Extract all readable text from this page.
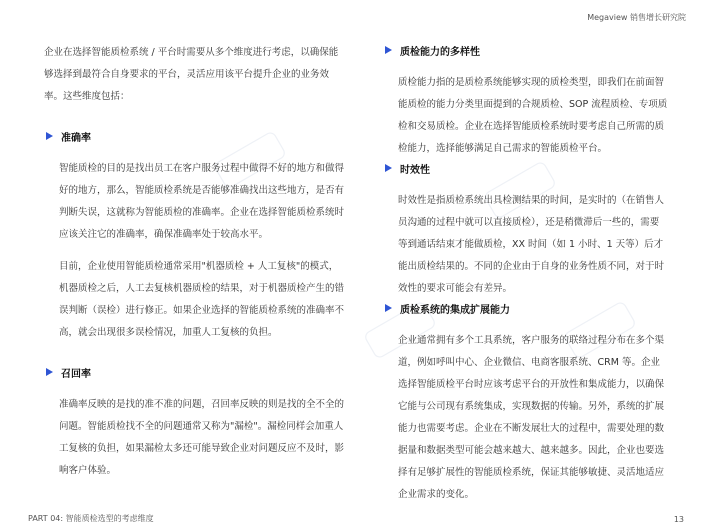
Megaview 销售增长研究院

企业在选择智能质检系统 / 平台时需要从多个维度进行考虑，以确保能够选择到最符合自身要求的平台，灵活应用该平台提升企业的业务效率。这些维度包括：

准确率

智能质检的目的是找出员工在客户服务过程中做得不好的地方和做得好的地方，那么，智能质检系统是否能够准确找出这些地方，是否有判断失误，这就称为智能质检的准确率。企业在选择智能质检系统时应该关注它的准确率，确保准确率处于较高水平。

目前，企业使用智能质检通常采用"机器质检 + 人工复核"的模式，机器质检之后，人工去复核机器质检的结果，对于机器质检产生的错误判断（误检）进行修正。如果企业选择的智能质检系统的准确率不高，就会出现很多误检情况，加重人工复核的负担。

召回率

准确率反映的是找的准不准的问题，召回率反映的则是找的全不全的问题。智能质检找不全的问题通常又称为"漏检"。漏检同样会加重人工复核的负担，如果漏检太多还可能导致企业对问题反应不及时，影响客户体验。

质检能力的多样性

质检能力指的是质检系统能够实现的质检类型，即我们在前面智能质检的能力分类里面提到的合规质检、SOP 流程质检、专项质检和交易质检。企业在选择智能质检系统时要考虑自己所需的质检能力，选择能够满足自己需求的智能质检平台。

时效性

时效性是指质检系统出具检测结果的时间，是实时的（在销售人员沟通的过程中就可以直接质检），还是稍微滞后一些的，需要等到通话结束才能做质检，XX 时间（如 1 小时、1 天等）后才能出质检结果的。不同的企业由于自身的业务性质不同，对于时效性的要求可能会有差异。

质检系统的集成扩展能力

企业通常拥有多个工具系统，客户服务的联络过程分布在多个渠道，例如呼叫中心、企业微信、电商客服系统、CRM 等。企业选择智能质检平台时应该考虑平台的开放性和集成能力，以确保它能与公司现有系统集成，实现数据的传输。另外，系统的扩展能力也需要考虑。企业在不断发展壮大的过程中，需要处理的数据量和数据类型可能会越来越大、越来越多。因此，企业也要选择有足够扩展性的智能质检系统，保证其能够敏捷、灵活地适应企业需求的变化。

PART 04: 智能质检选型的考虑维度	13
